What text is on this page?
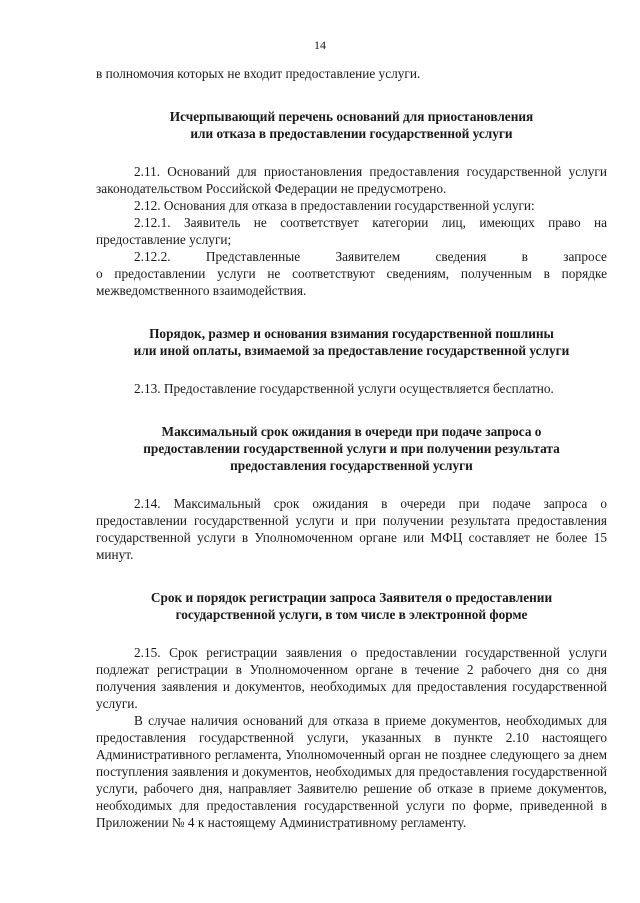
14

в полномочия которых не входит предоставление услуги.

Исчерпывающий перечень оснований для приостановления

или отказа в предоставлении государственной услуги

2.11. Оснований для приостановления предоставления государственной услуги законодательством Российской Федерации не предусмотрено.

2.12. Основания для отказа в предоставлении государственной услуги:

2.12.1. Заявитель не соответствует категории лиц, имеющих право на предоставление услуги;

2.12.2.	Представленные	Заявителем	сведения	в	запросе

о предоставлении услуги не соответствуют сведениям, полученным в порядке межведомственного взаимодействия.

Порядок, размер и основания взимания государственной пошлины

или иной оплаты, взимаемой за предоставление государственной услуги

2.13. Предоставление государственной услуги осуществляется бесплатно.

Максимальный срок ожидания в очереди при подаче запроса о

предоставлении государственной услуги и при получении результата

предоставления государственной услуги

2.14. Максимальный срок ожидания в очереди при подаче запроса о предоставлении государственной услуги и при получении результата предоставления государственной услуги в Уполномоченном органе или МФЦ составляет не более 15 минут.

Срок и порядок регистрации запроса Заявителя о предоставлении

государственной услуги, в том числе в электронной форме

2.15. Срок регистрации заявления о предоставлении государственной услуги подлежат регистрации в Уполномоченном органе в течение 2 рабочего дня со дня получения заявления и документов, необходимых для предоставления государственной услуги.

В случае наличия оснований для отказа в приеме документов, необходимых для предоставления государственной услуги, указанных в пункте 2.10 настоящего Административного регламента, Уполномоченный орган не позднее следующего за днем поступления заявления и документов, необходимых для предоставления государственной услуги, рабочего дня, направляет Заявителю решение об отказе в приеме документов, необходимых для предоставления государственной услуги по форме, приведенной в Приложении № 4 к настоящему Административному регламенту.
